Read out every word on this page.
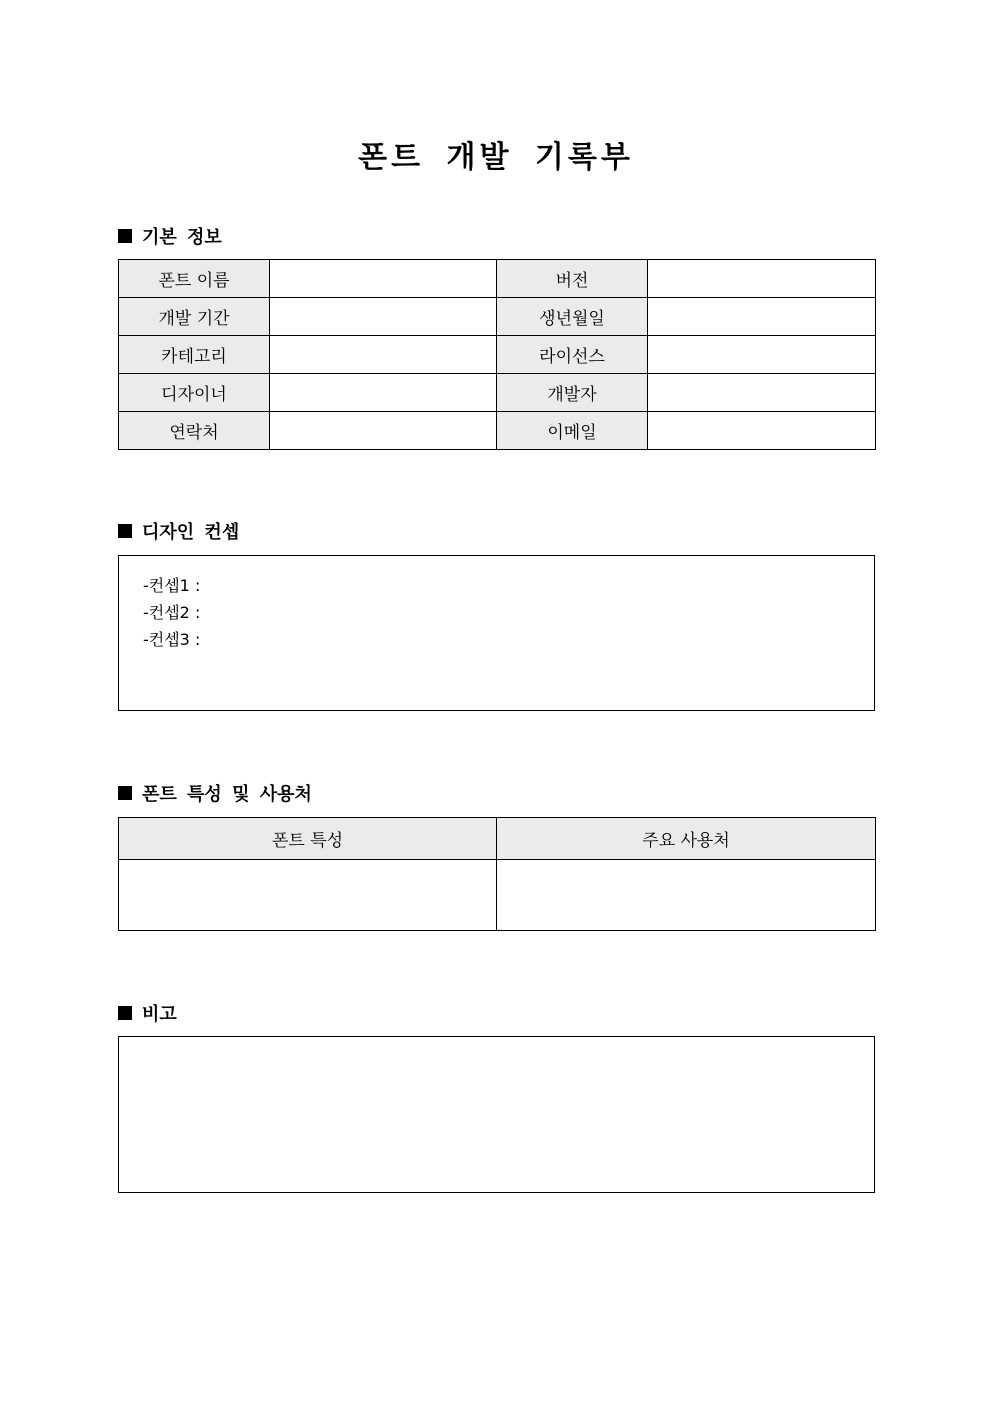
폰트 개발 기록부
기본 정보
폰트 이름		버전	
개발 기간		생년월일	
카테고리		라이선스	
디자이너		개발자	
연락처		이메일	
디자인 컨셉
-컨셉1 :
-컨셉2 :
-컨셉3 :
폰트 특성 및 사용처
폰트 특성	주요 사용처

비고
